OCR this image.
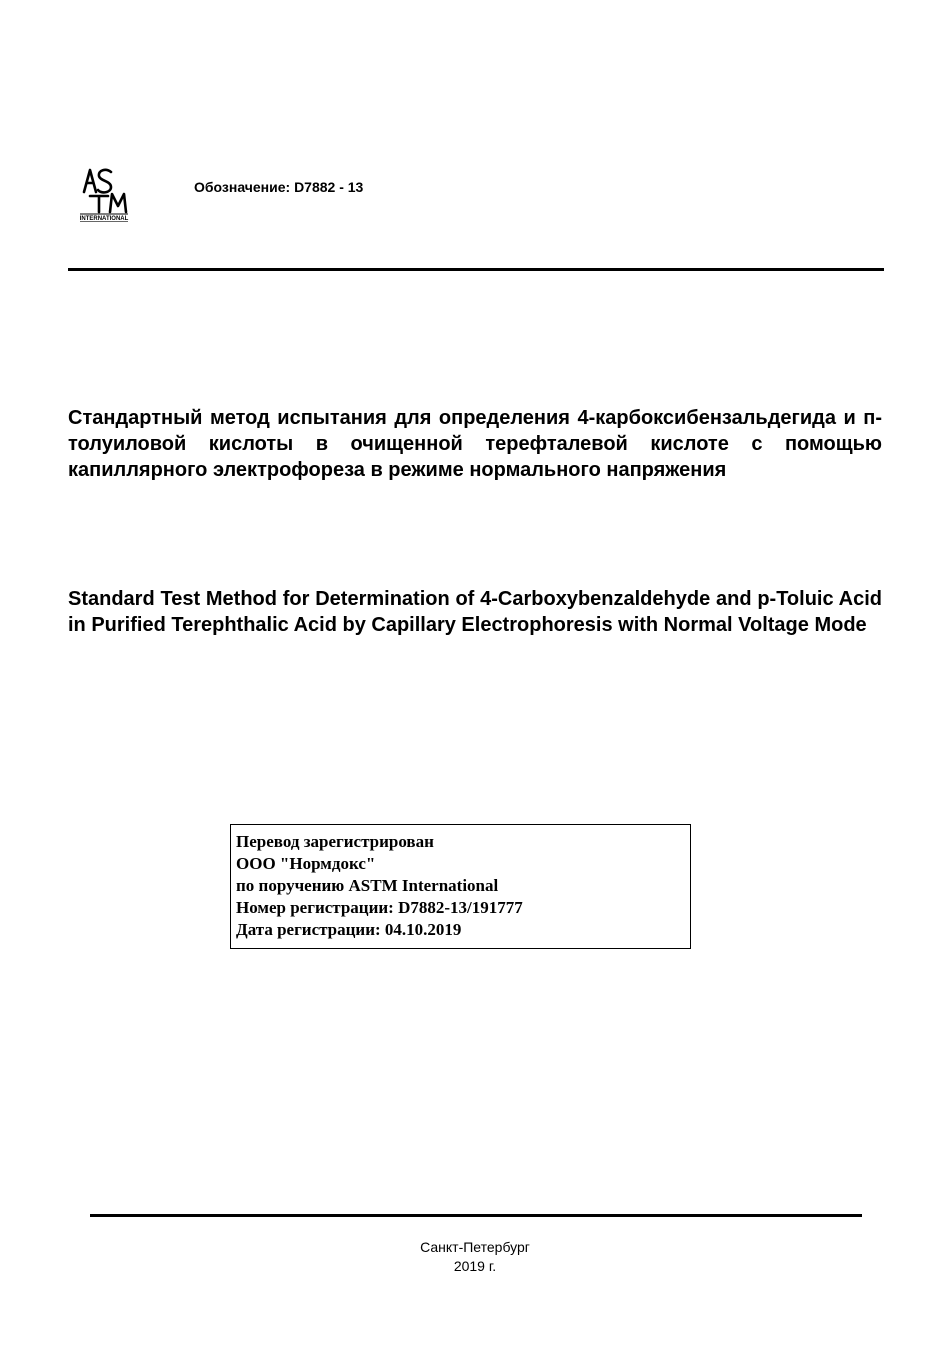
INTERNATIONAL
Обозначение: D7882 - 13
Стандартный метод испытания для определения 4-карбоксибензальдегида и п-толуиловой кислоты в очищенной терефталевой кислоте с помощью капиллярного электрофореза в режиме нормального напряжения
Standard Test Method for Determination of 4-Carboxybenzaldehyde and p-Toluic Acid in Purified Terephthalic Acid by Capillary Electrophoresis with Normal Voltage Mode
Перевод зарегистрирован
ООО "Нормдокс"
по поручению ASTM International
Номер регистрации: D7882-13/191777
Дата регистрации: 04.10.2019
Санкт-Петербург
2019 г.
